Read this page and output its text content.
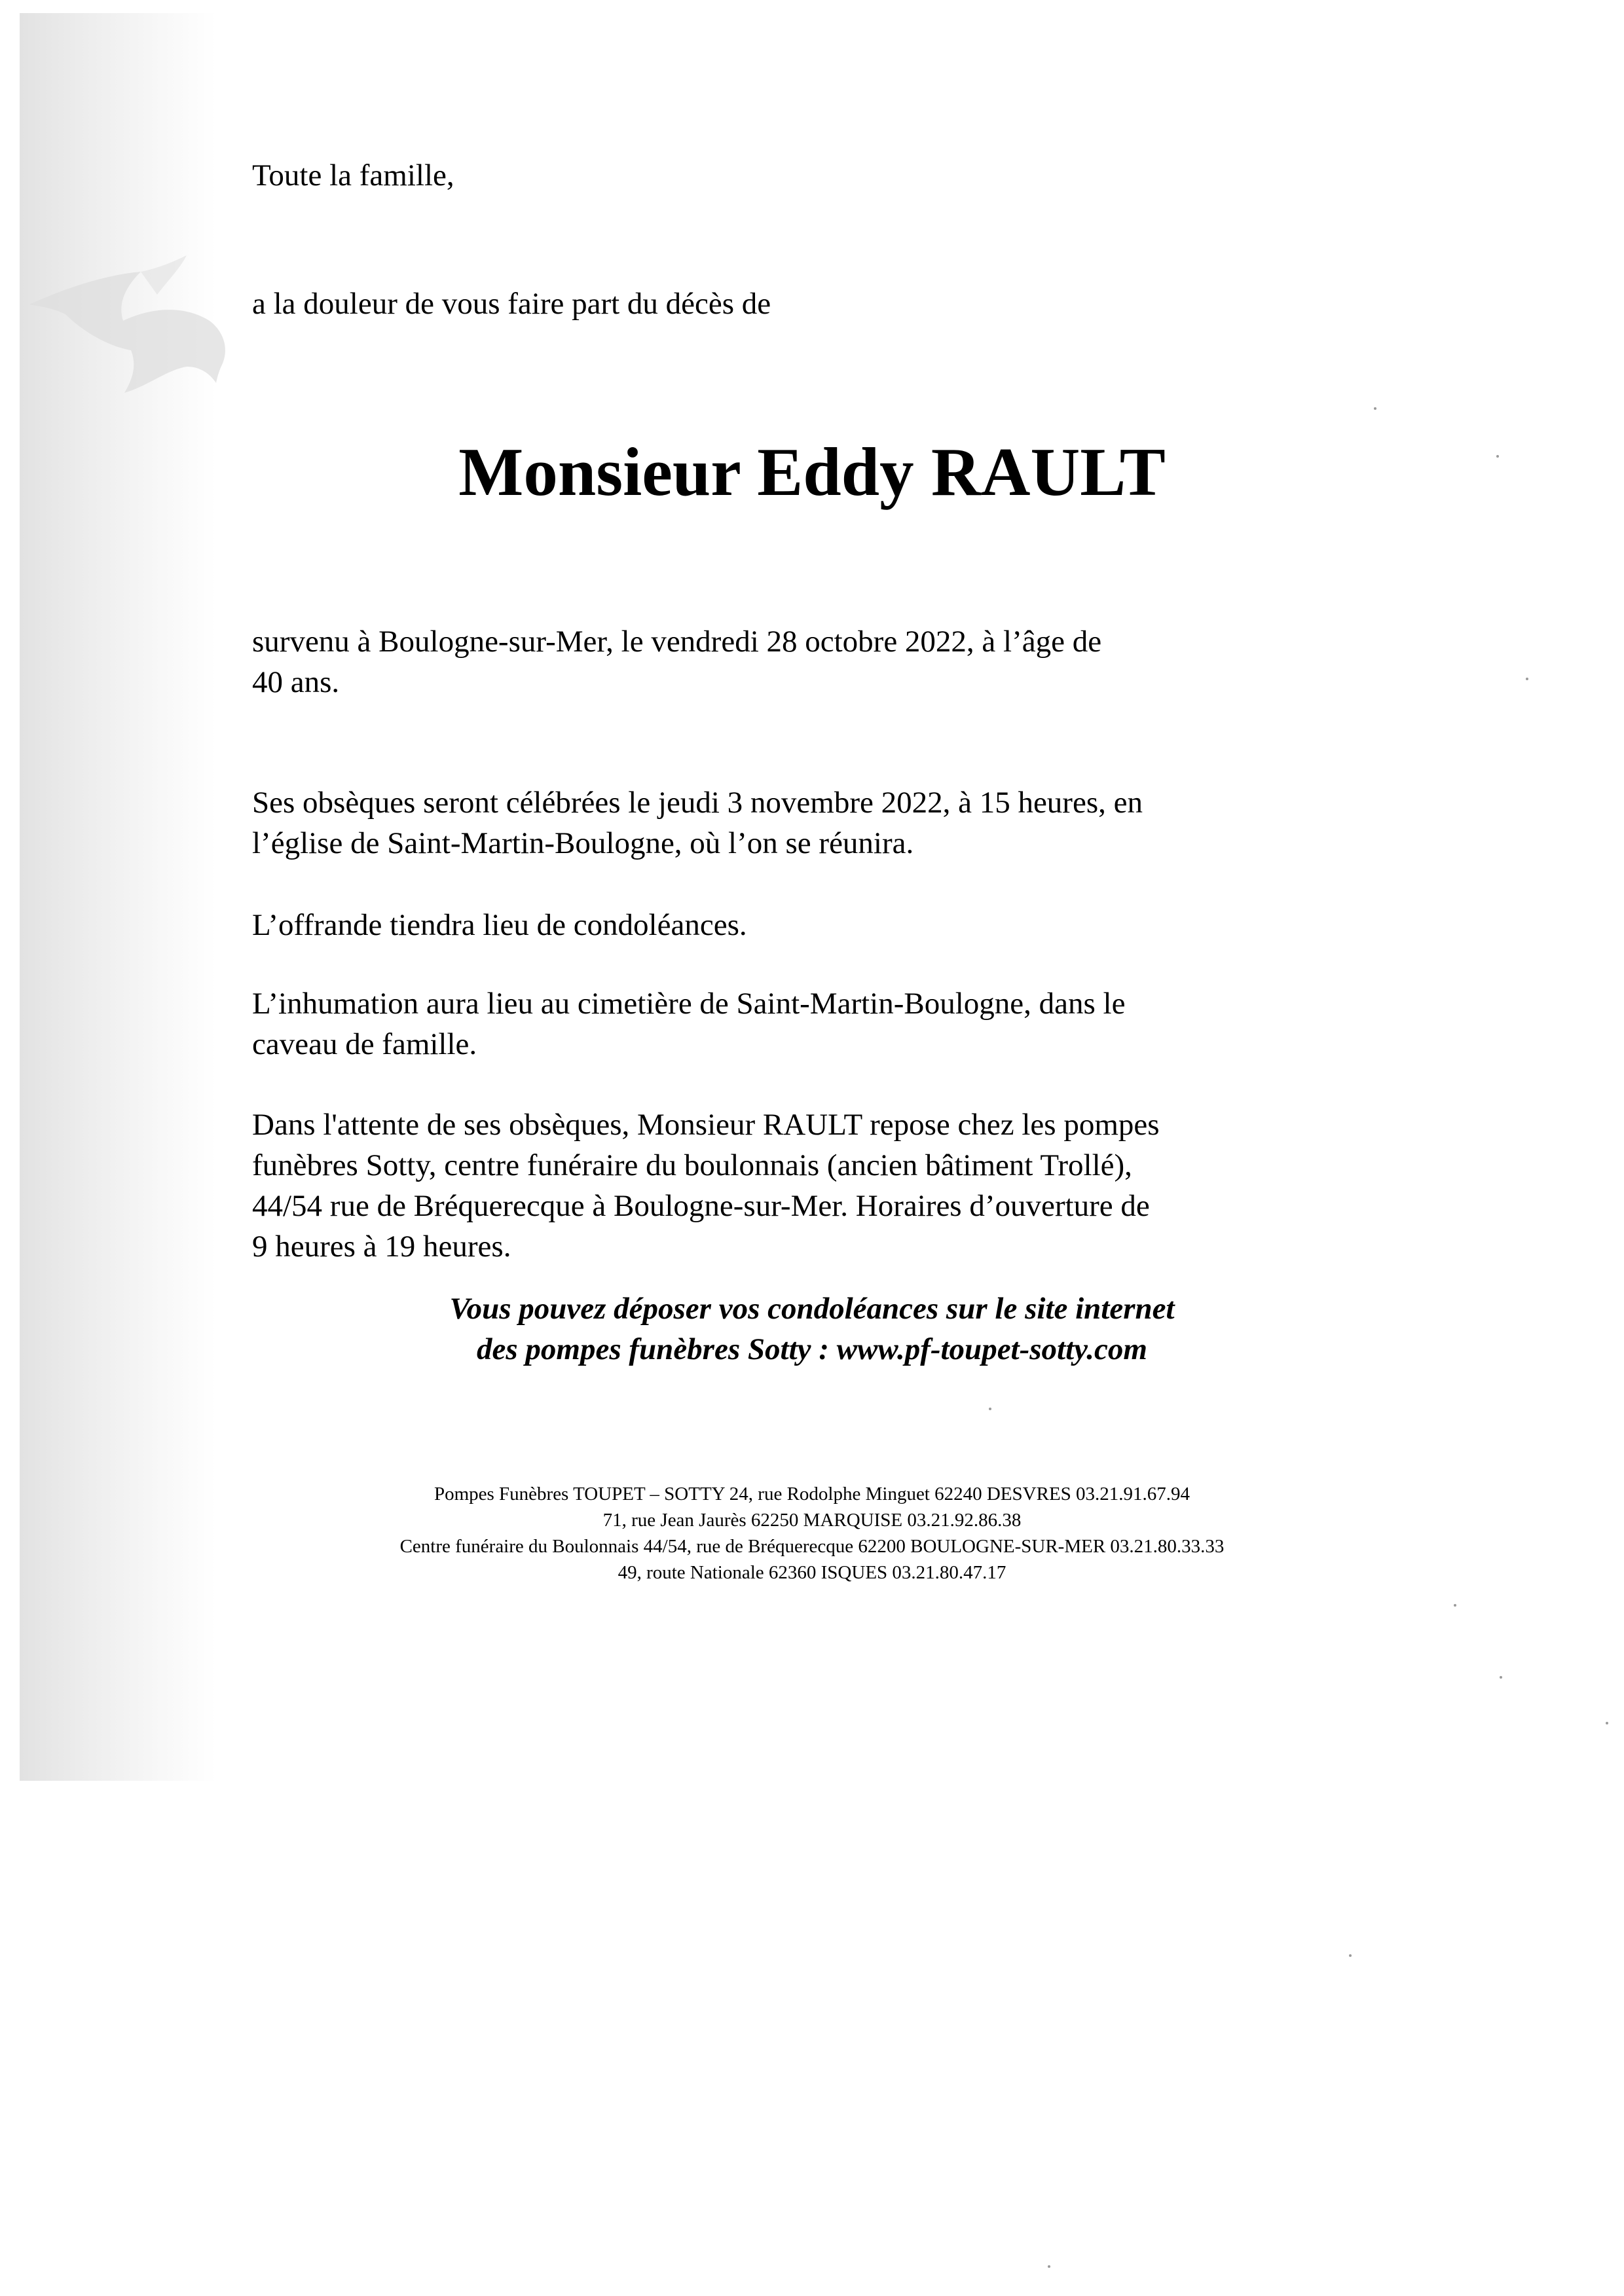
Toute la famille,

a la douleur de vous faire part du décès de

Monsieur Eddy RAULT

survenu à Boulogne-sur-Mer, le vendredi 28 octobre 2022, à l’âge de
40 ans.

Ses obsèques seront célébrées le jeudi 3 novembre 2022, à 15 heures, en
l’église de Saint-Martin-Boulogne, où l’on se réunira.

L’offrande tiendra lieu de condoléances.

L’inhumation aura lieu au cimetière de Saint-Martin-Boulogne, dans le
caveau de famille.

Dans l'attente de ses obsèques, Monsieur RAULT repose chez les pompes
funèbres Sotty, centre funéraire du boulonnais (ancien bâtiment Trollé),
44/54 rue de Bréquerecque à Boulogne-sur-Mer. Horaires d’ouverture de
9 heures à 19 heures.

Vous pouvez déposer vos condoléances sur le site internet
des pompes funèbres Sotty : www.pf-toupet-sotty.com

Pompes Funèbres TOUPET – SOTTY 24, rue Rodolphe Minguet 62240 DESVRES 03.21.91.67.94
71, rue Jean Jaurès 62250 MARQUISE 03.21.92.86.38
Centre funéraire du Boulonnais 44/54, rue de Bréquerecque 62200 BOULOGNE-SUR-MER 03.21.80.33.33
49, route Nationale 62360 ISQUES 03.21.80.47.17
